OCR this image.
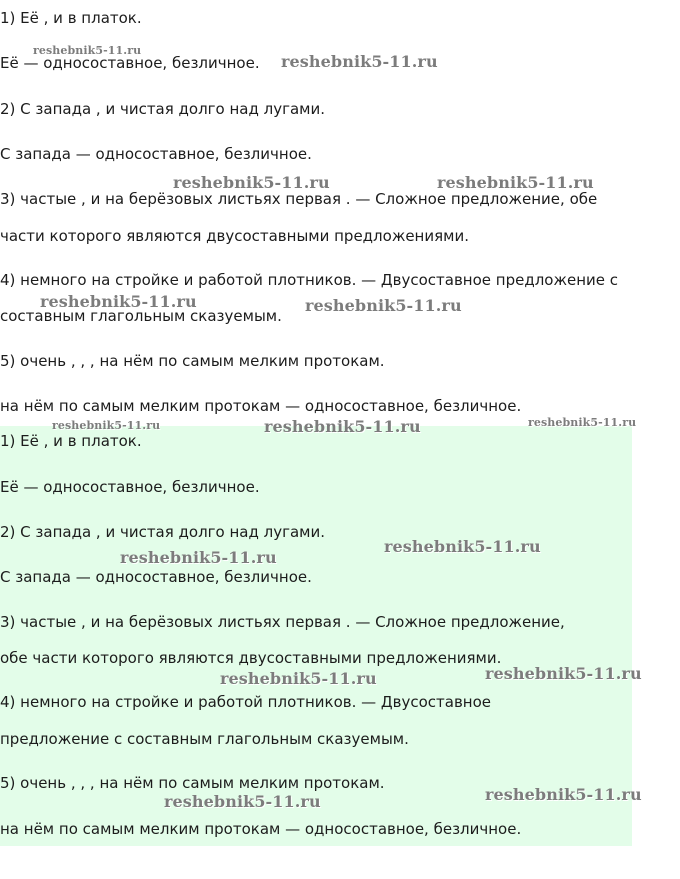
1) Её , и в платок.
Её — односоставное, безличное.
2) С запада , и чистая долго над лугами.
С запада — односоставное, безличное.
3) частые , и на берёзовых листьях первая . — Сложное предложение, обе
части которого являются двусоставными предложениями.
4) немного на стройке и работой плотников. — Двусоставное предложение с
составным глагольным сказуемым.
5) очень , , , на нём по самым мелким протокам.
на нём по самым мелким протокам — односоставное, безличное.
1) Её , и в платок.
Её — односоставное, безличное.
2) С запада , и чистая долго над лугами.
С запада — односоставное, безличное.
3) частые , и на берёзовых листьях первая . — Сложное предложение,
обе части которого являются двусоставными предложениями.
4) немного на стройке и работой плотников. — Двусоставное
предложение с составным глагольным сказуемым.
5) очень , , , на нём по самым мелким протокам.
на нём по самым мелким протокам — односоставное, безличное.
reshebnik5-11.ru
reshebnik5-11.ru
reshebnik5-11.ru	reshebnik5-11.ru
reshebnik5-11.ru	reshebnik5-11.ru
reshebnik5-11.ru	reshebnik5-11.ru	reshebnik5-11.ru
reshebnik5-11.ru
reshebnik5-11.ru
reshebnik5-11.ru
reshebnik5-11.ru
reshebnik5-11.ru
reshebnik5-11.ru
